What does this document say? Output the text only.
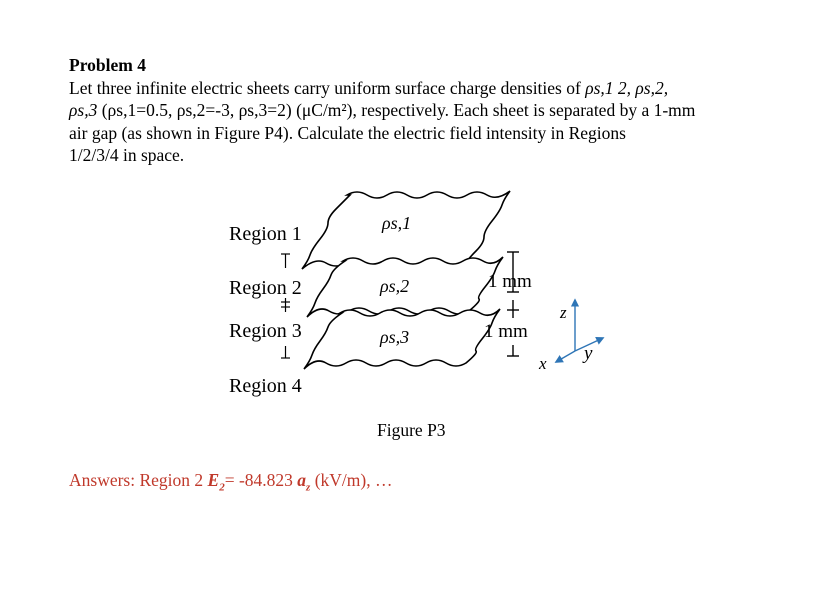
Problem 4

Let three infinite electric sheets carry uniform surface charge densities of ρs,1 2, ρs,2,

ρs,3 (ρs,1=0.5, ρs,2=-3, ρs,3=2) (μC/m²), respectively. Each sheet is separated by a 1-mm

air gap (as shown in Figure P4). Calculate the electric field intensity in Regions

1/2/3/4 in space.

ρs,1
ρs,2
ρs,3
Region 1
Region 2
Region 3
Region 4
1 mm
1 mm
z
y
x
Figure P3
Answers: Region 2 $E_2= -84.823$ $a_z$ (kV/m), …
